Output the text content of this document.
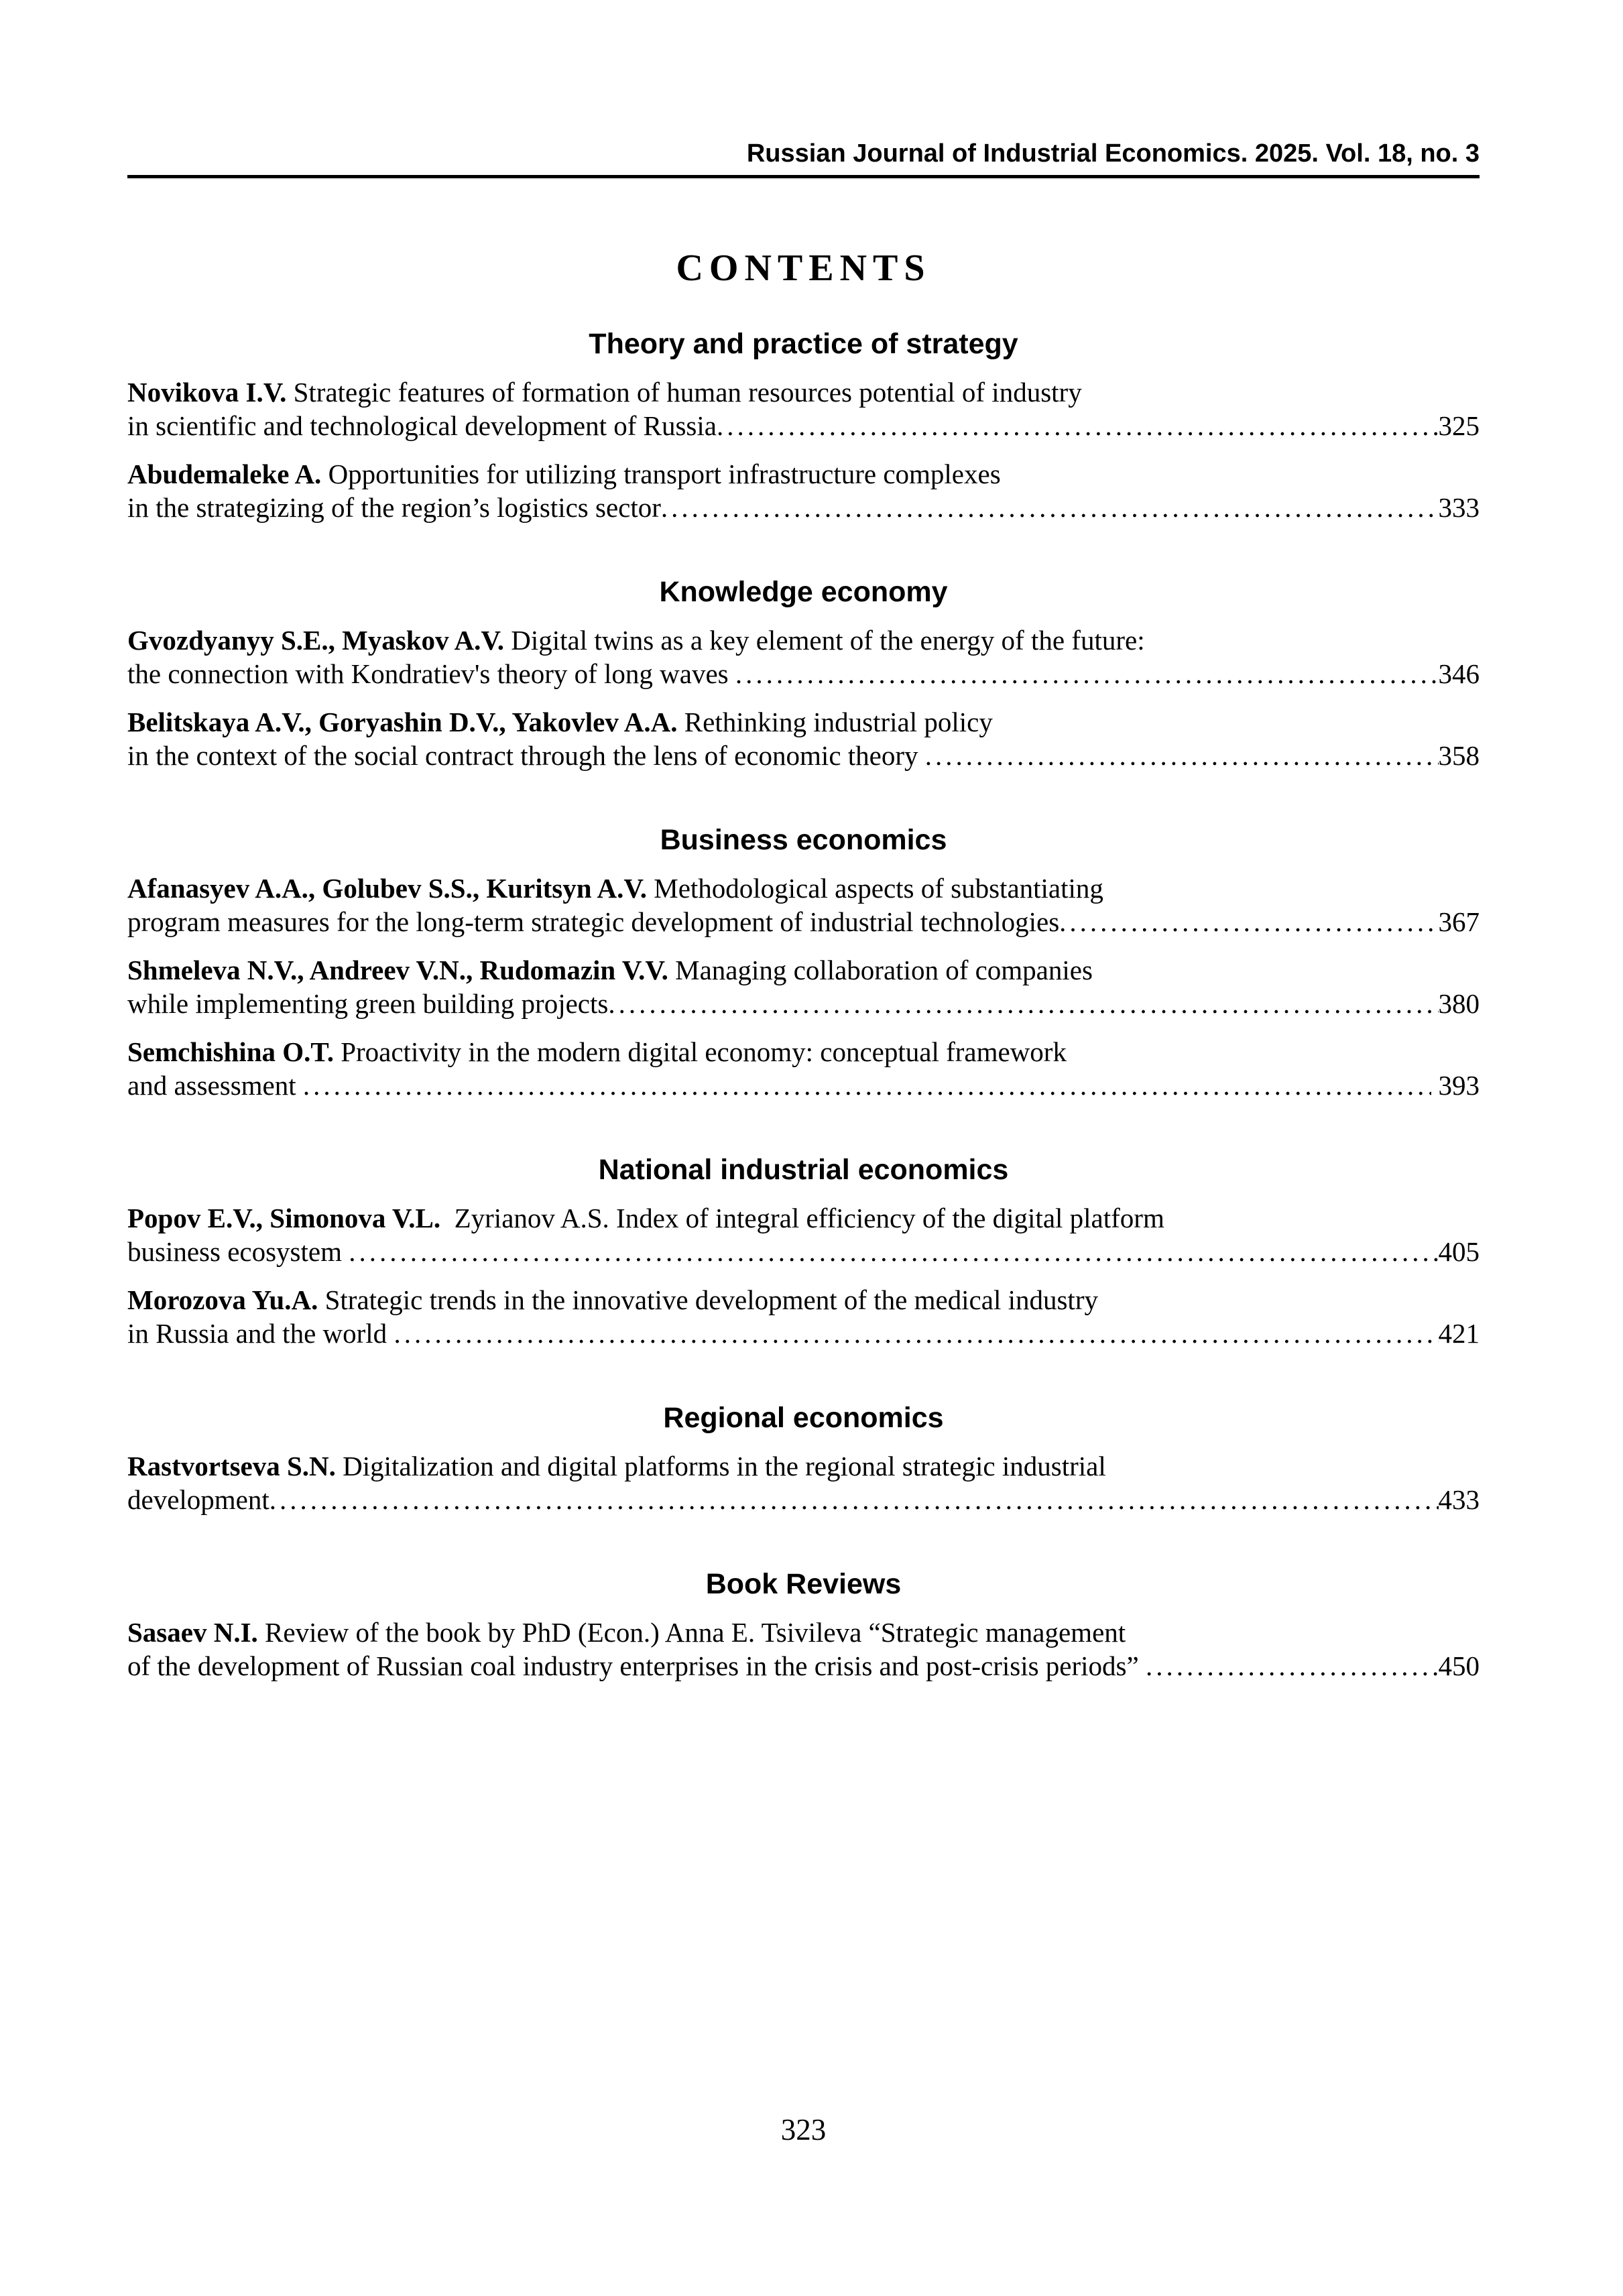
Russian Journal of Industrial Economics. 2025. Vol. 18, no. 3
CONTENTS
Theory and practice of strategy
Novikova I.V. Strategic features of formation of human resources potential of industry
in scientific and technological development of Russia .....	325
Abudemaleke A. Opportunities for utilizing transport infrastructure complexes
in the strategizing of the region’s logistics sector .....	333
Knowledge economy
Gvozdyanyy S.E., Myaskov A.V. Digital twins as a key element of the energy of the future:
the connection with Kondratiev's theory of long waves .....	346
Belitskaya A.V., Goryashin D.V., Yakovlev A.A. Rethinking industrial policy
in the context of the social contract through the lens of economic theory .....	358
Business economics
Afanasyev A.A., Golubev S.S., Kuritsyn A.V. Methodological aspects of substantiating
program measures for the long-term strategic development of industrial technologies .....	367
Shmeleva N.V., Andreev V.N., Rudomazin V.V. Managing collaboration of companies
while implementing green building projects .....	380
Semchishina O.T. Proactivity in the modern digital economy: conceptual framework
and assessment .....	393
National industrial economics
Popov E.V., Simonova V.L.  Zyrianov A.S. Index of integral efficiency of the digital platform
business ecosystem .....	405
Morozova Yu.A. Strategic trends in the innovative development of the medical industry
in Russia and the world .....	421
Regional economics
Rastvortseva S.N. Digitalization and digital platforms in the regional strategic industrial
development .....	433
Book Reviews
Sasaev N.I. Review of the book by PhD (Econ.) Anna E. Tsivileva “Strategic management
of the development of Russian coal industry enterprises in the crisis and post-crisis periods” .....	450
323
